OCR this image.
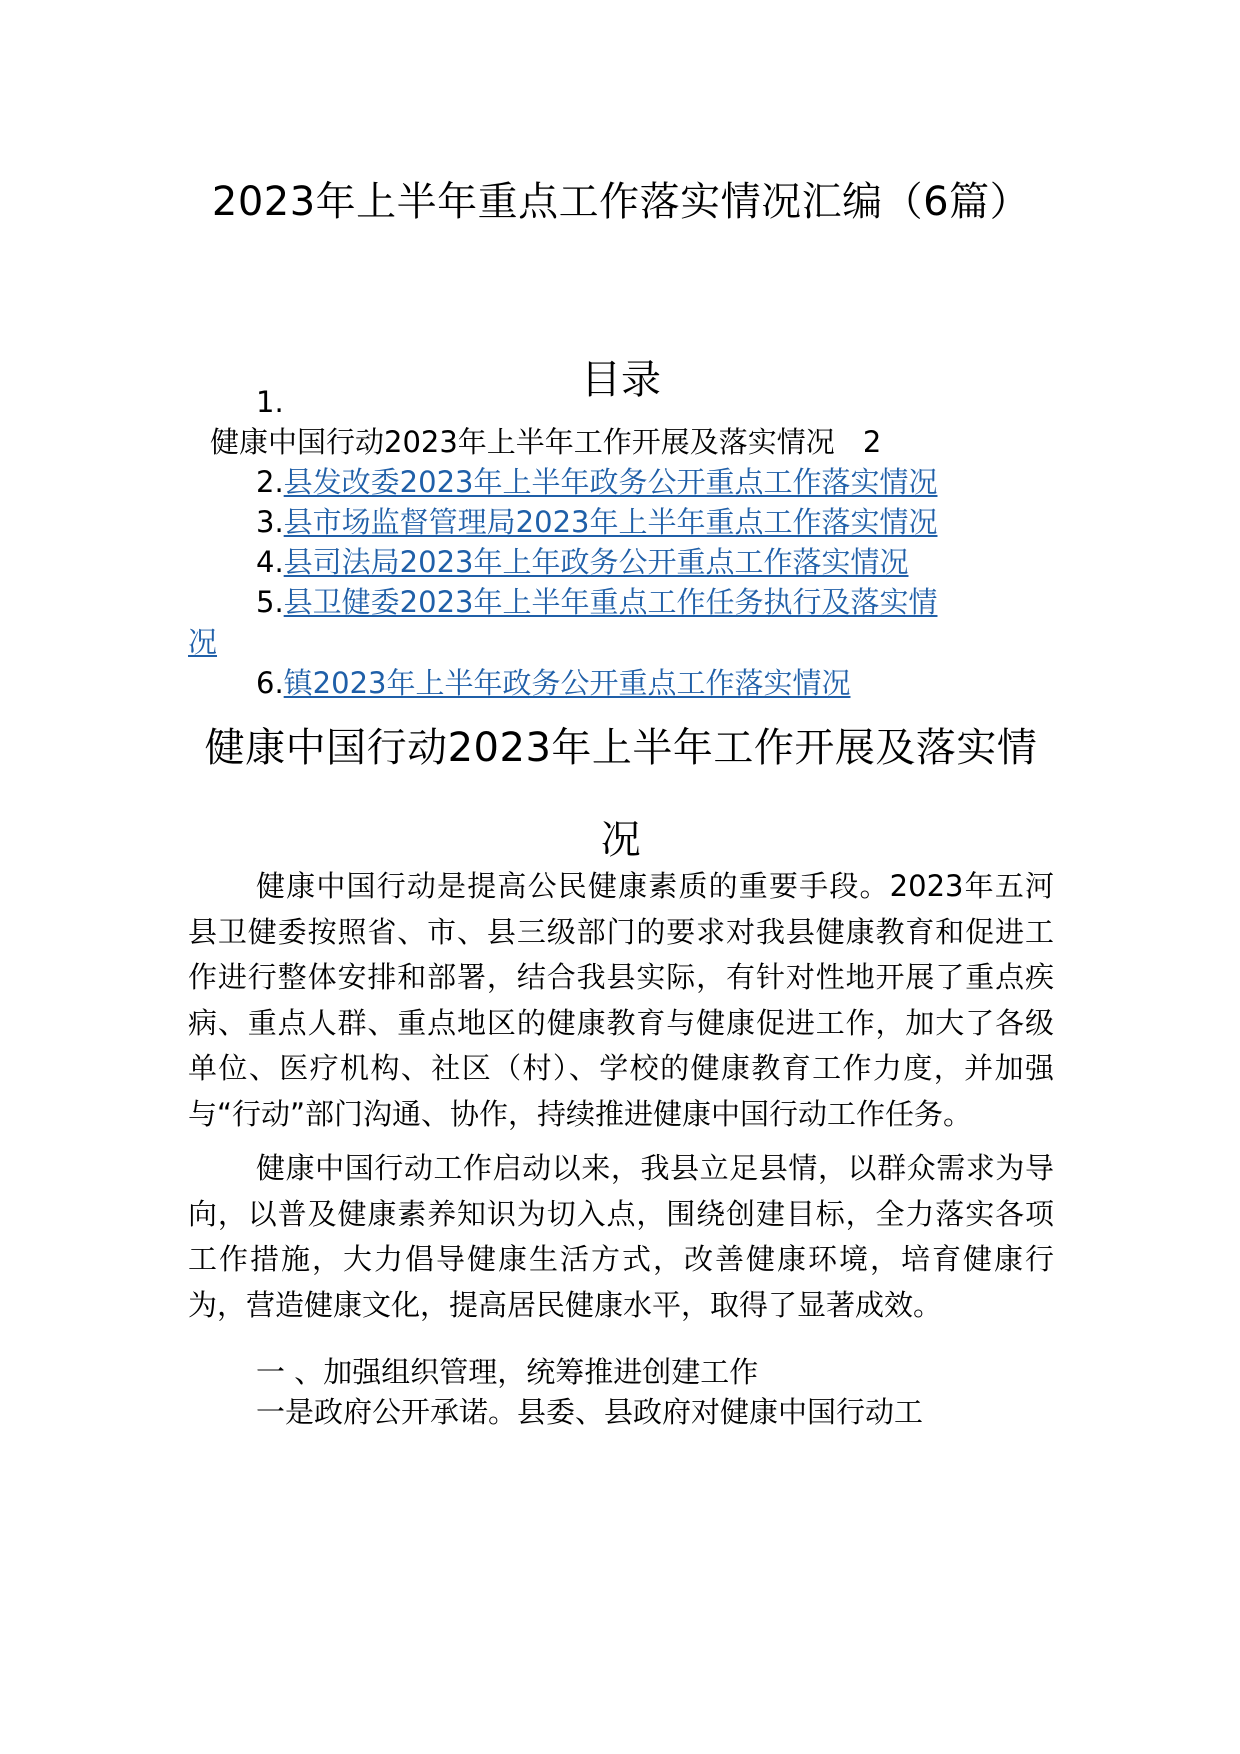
2023年上半年重点工作落实情况汇编（6篇）
目录
1.
健康中国行动2023年上半年工作开展及落实情况 2
2.县发改委2023年上半年政务公开重点工作落实情况
3.县市场监督管理局2023年上半年重点工作落实情况
4.县司法局2023年上年政务公开重点工作落实情况
5.县卫健委2023年上半年重点工作任务执行及落实情
况
6.镇2023年上半年政务公开重点工作落实情况
健康中国行动2023年上半年工作开展及落实情况
健康中国行动是提高公民健康素质的重要手段。2023年五河县卫健委按照省、市、县三级部门的要求对我县健康教育和促进工作进行整体安排和部署，结合我县实际，有针对性地开展了重点疾病、重点人群、重点地区的健康教育与健康促进工作，加大了各级单位、医疗机构、社区（村）、学校的健康教育工作力度，并加强与“行动”部门沟通、协作，持续推进健康中国行动工作任务。
健康中国行动工作启动以来，我县立足县情，以群众需求为导向，以普及健康素养知识为切入点，围绕创建目标，全力落实各项工作措施，大力倡导健康生活方式，改善健康环境，培育健康行为，营造健康文化，提高居民健康水平，取得了显著成效。
一 、加强组织管理，统筹推进创建工作
一是政府公开承诺。县委、县政府对健康中国行动工
